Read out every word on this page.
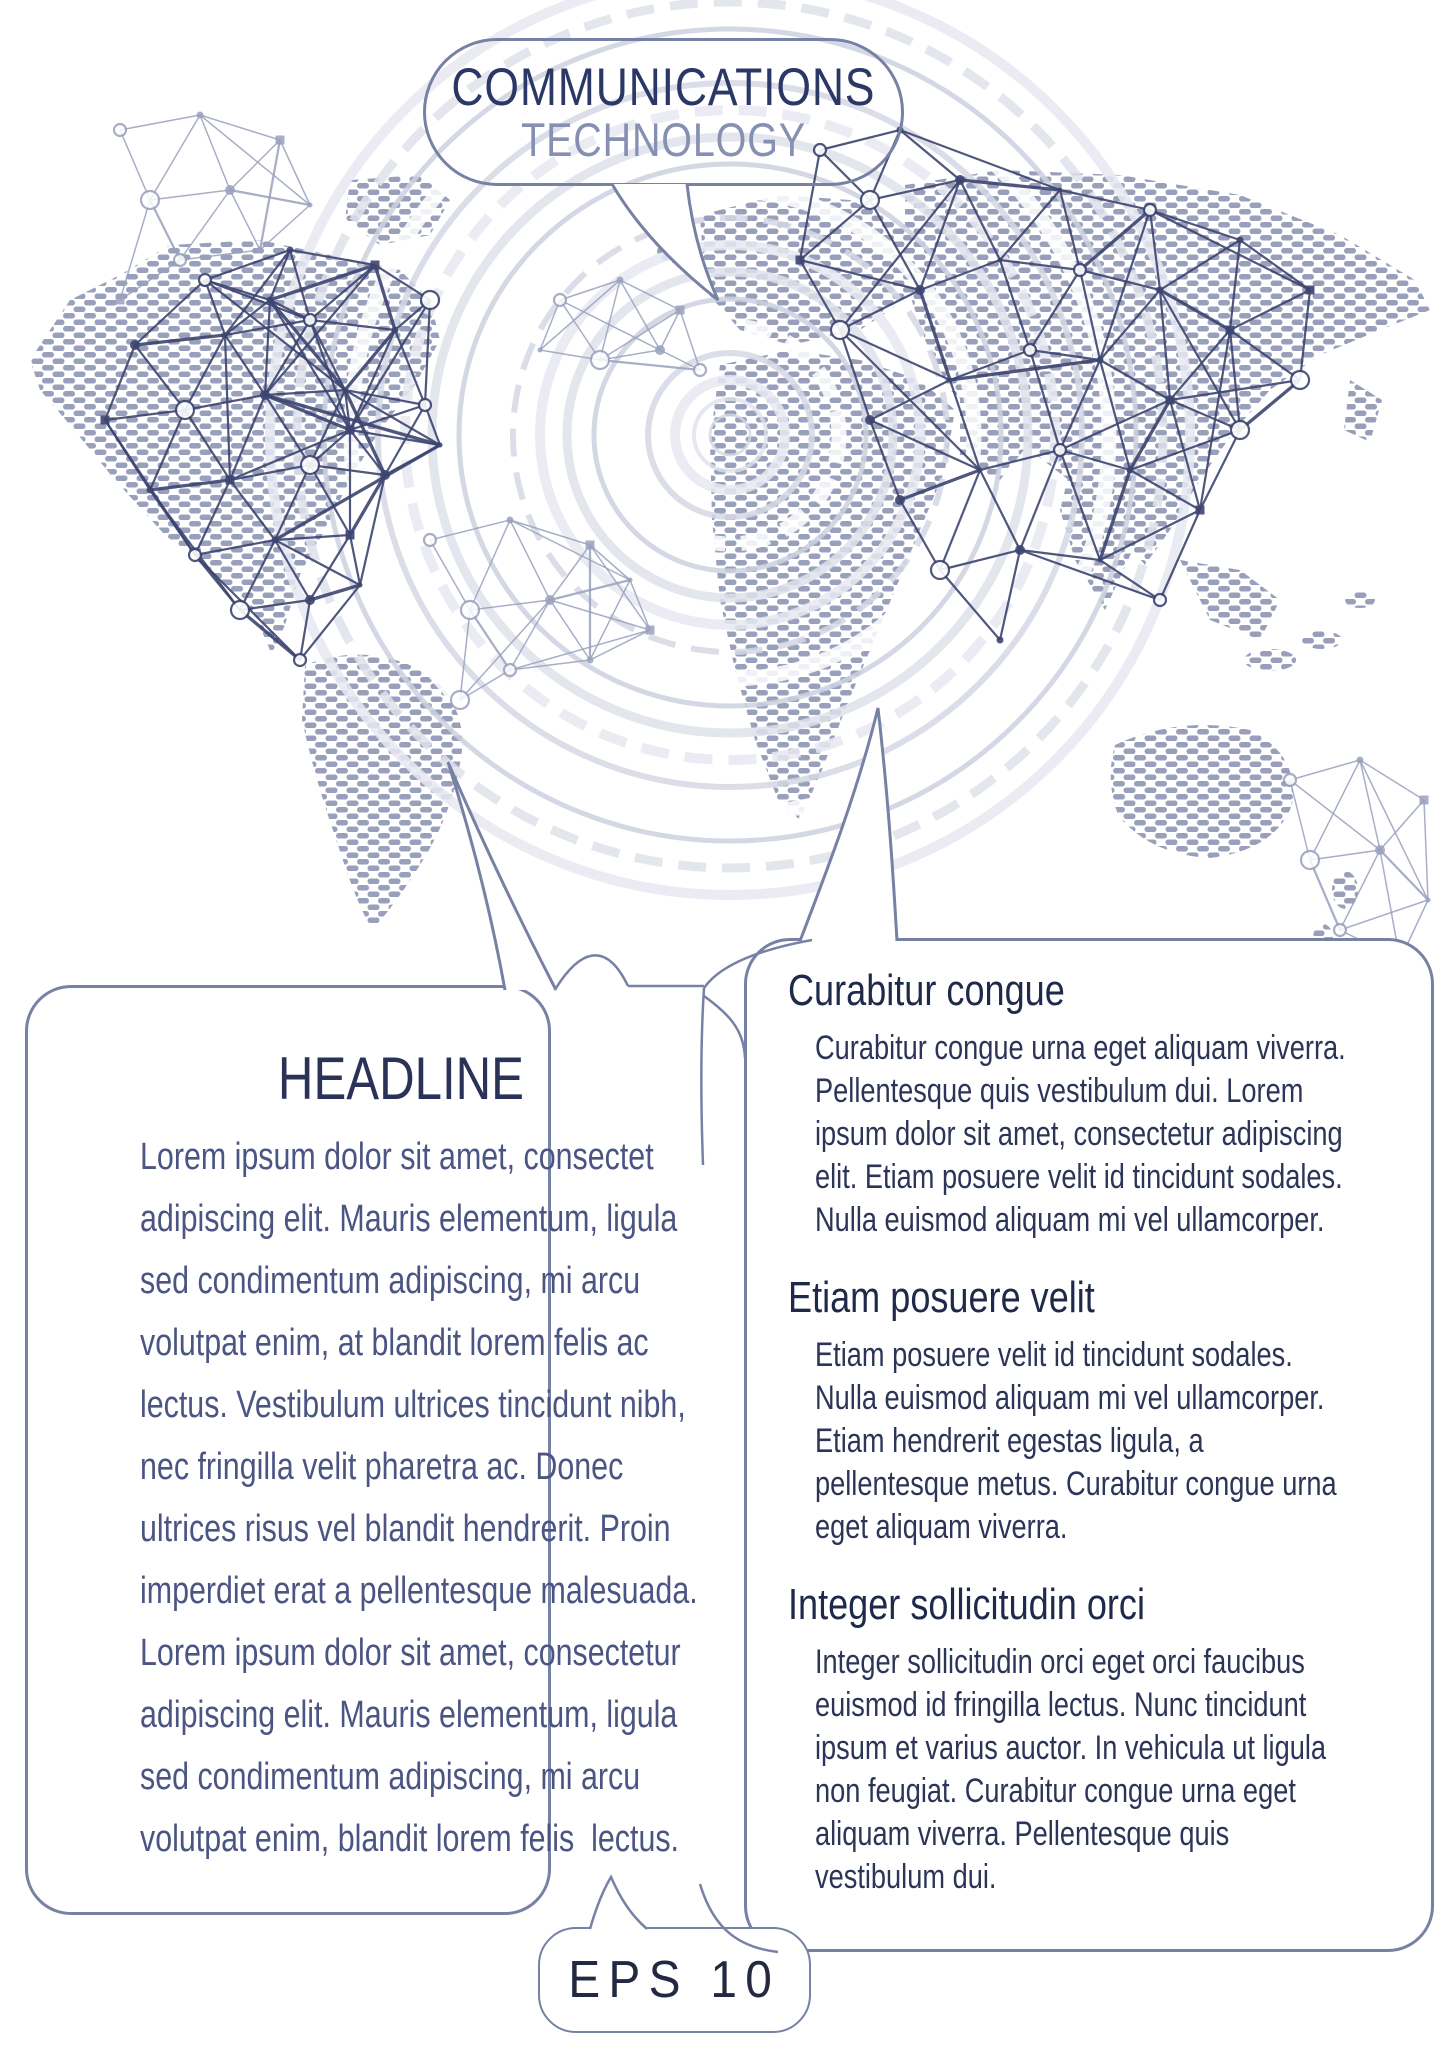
COMMUNICATIONS
TECHNOLOGY
HEADLINE
Lorem ipsum dolor sit amet, consectet
adipiscing elit. Mauris elementum, ligula
sed condimentum adipiscing, mi arcu
volutpat enim, at blandit lorem felis ac
lectus. Vestibulum ultrices tincidunt nibh,
nec fringilla velit pharetra ac. Donec
ultrices risus vel blandit hendrerit. Proin
imperdiet erat a pellentesque malesuada.
Lorem ipsum dolor sit amet, consectetur
adipiscing elit. Mauris elementum, ligula
sed condimentum adipiscing, mi arcu
volutpat enim, blandit lorem felis  lectus.
Curabitur congue
Curabitur congue urna eget aliquam viverra.
Pellentesque quis vestibulum dui. Lorem
ipsum dolor sit amet, consectetur adipiscing
elit. Etiam posuere velit id tincidunt sodales.
Nulla euismod aliquam mi vel ullamcorper.
Etiam posuere velit
Etiam posuere velit id tincidunt sodales.
Nulla euismod aliquam mi vel ullamcorper.
Etiam hendrerit egestas ligula, a
pellentesque metus. Curabitur congue urna
eget aliquam viverra.
Integer sollicitudin orci
Integer sollicitudin orci eget orci faucibus
euismod id fringilla lectus. Nunc tincidunt
ipsum et varius auctor. In vehicula ut ligula
non feugiat. Curabitur congue urna eget
aliquam viverra. Pellentesque quis
vestibulum dui.
EPS 10
